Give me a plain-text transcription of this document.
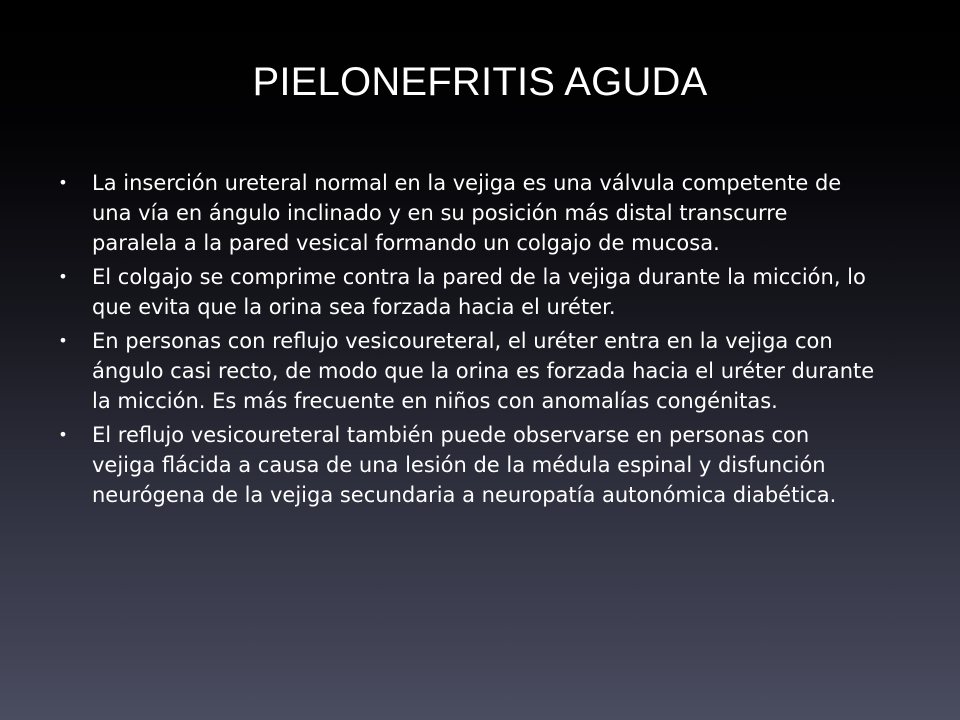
PIELONEFRITIS AGUDA
• La inserción ureteral normal en la vejiga es una válvula competente de una vía en ángulo inclinado y en su posición más distal transcurre paralela a la pared vesical formando un colgajo de mucosa.
• El colgajo se comprime contra la pared de la vejiga durante la micción, lo que evita que la orina sea forzada hacia el uréter.
• En personas con reflujo vesicoureteral, el uréter entra en la vejiga con ángulo casi recto, de modo que la orina es forzada hacia el uréter durante la micción. Es más frecuente en niños con anomalías congénitas.
• El reflujo vesicoureteral también puede observarse en personas con vejiga flácida a causa de una lesión de la médula espinal y disfunción neurógena de la vejiga secundaria a neuropatía autonómica diabética.
